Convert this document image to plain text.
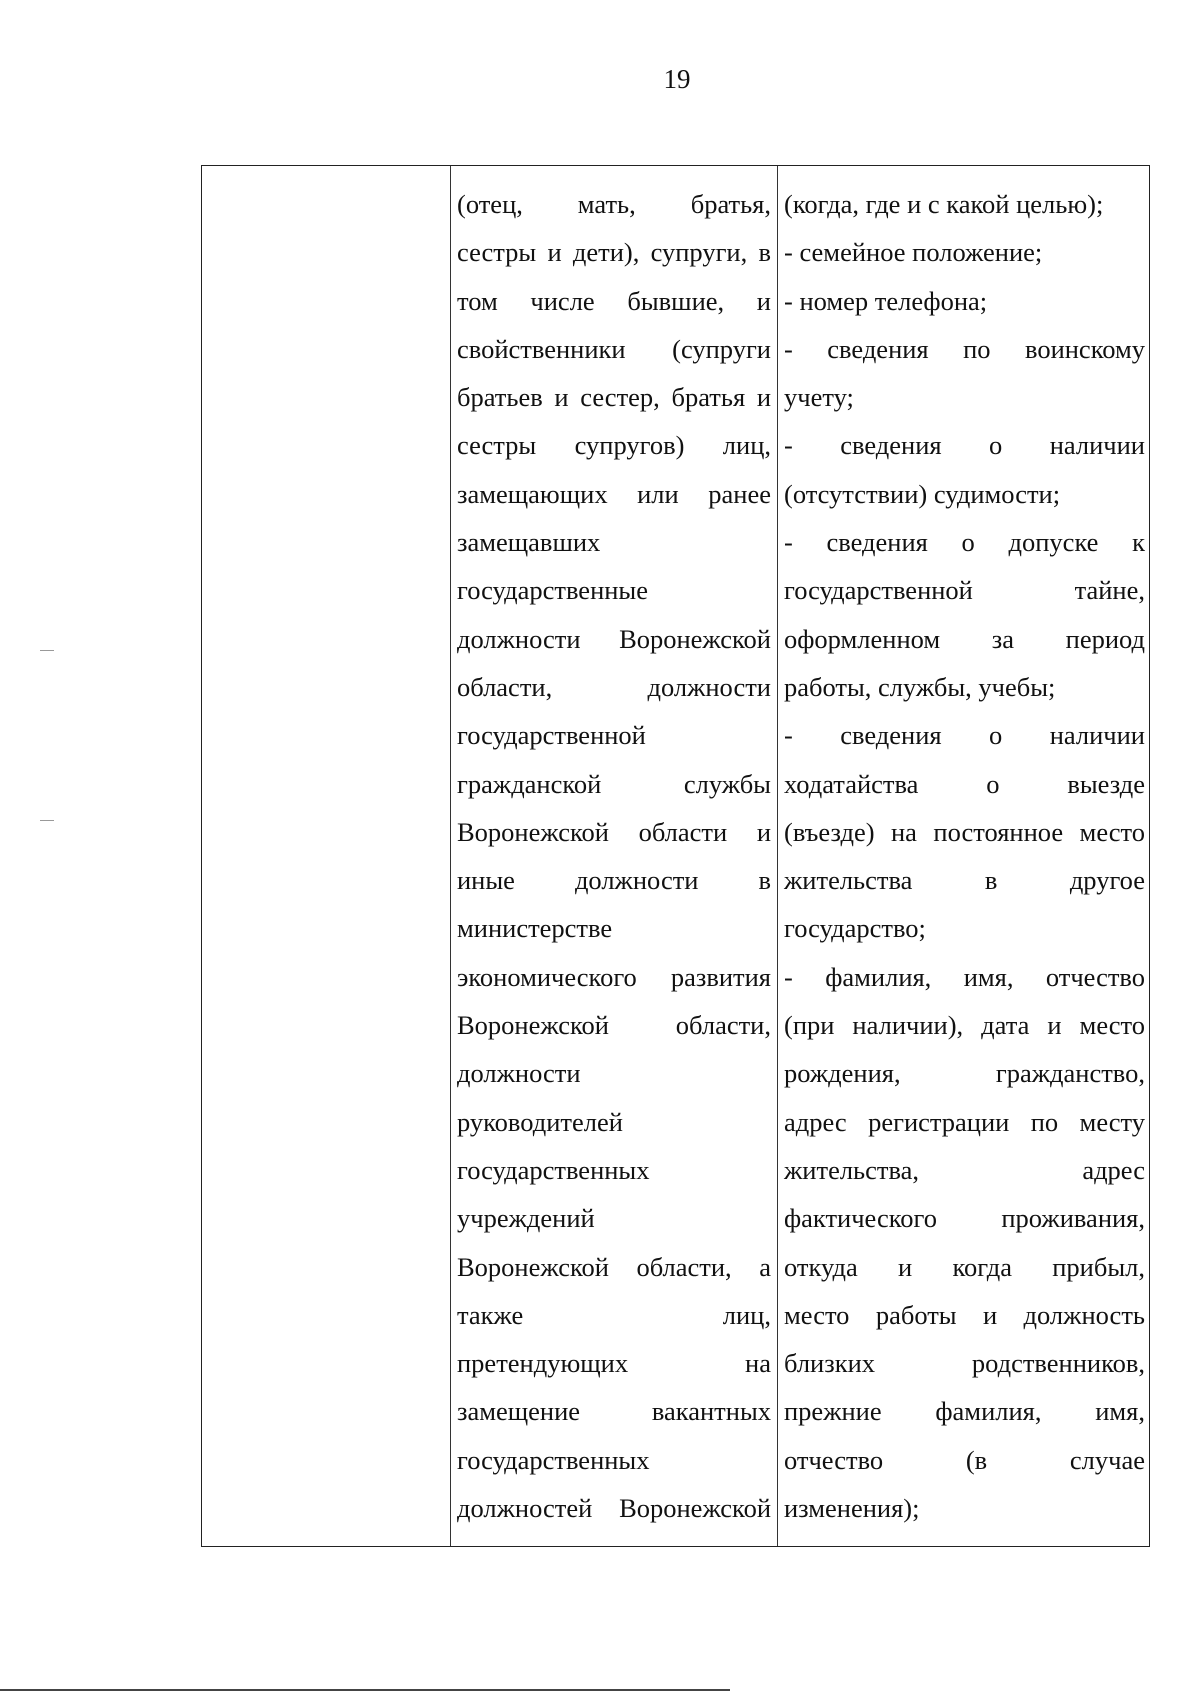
19
(отец, мать, братья,
сестры и дети), супруги, в
том числе бывшие, и
свойственники (супруги
братьев и сестер, братья и
сестры супругов) лиц,
замещающих или ранее
замещавших
государственные
должности Воронежской
области, должности
государственной
гражданской службы
Воронежской области и
иные должности в
министерстве
экономического развития
Воронежской области,
должности
руководителей
государственных
учреждений
Воронежской области, а
также лиц,
претендующих на
замещение вакантных
государственных
должностей Воронежской
(когда, где и с какой целью);
- семейное положение;
- номер телефона;
- сведения по воинскому
учету;
- сведения о наличии
(отсутствии) судимости;
- сведения о допуске к
государственной тайне,
оформленном за период
работы, службы, учебы;
- сведения о наличии
ходатайства о выезде
(въезде) на постоянное место
жительства в другое
государство;
- фамилия, имя, отчество
(при наличии), дата и место
рождения, гражданство,
адрес регистрации по месту
жительства, адрес
фактического проживания,
откуда и когда прибыл,
место работы и должность
близких родственников,
прежние фамилия, имя,
отчество (в случае
изменения);
